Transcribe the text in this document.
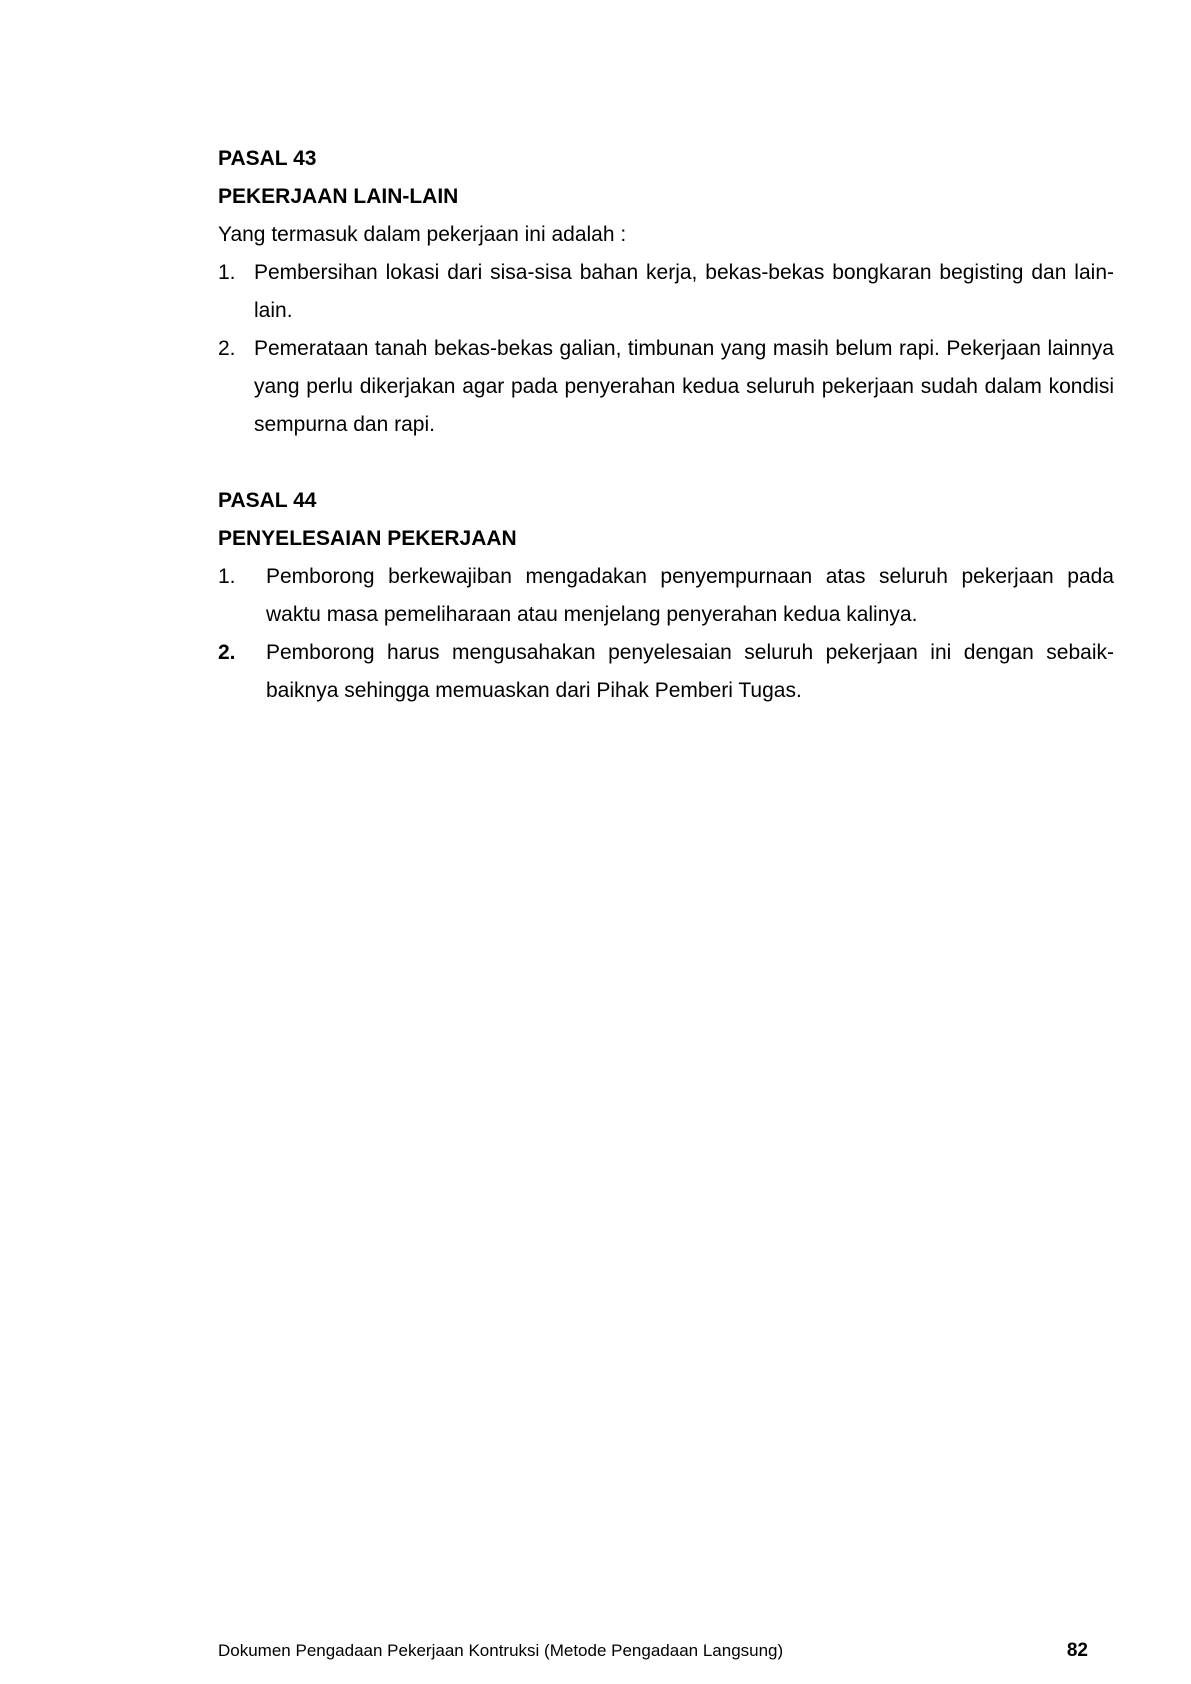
PASAL 43

PEKERJAAN LAIN-LAIN

Yang termasuk dalam pekerjaan ini adalah :

1. Pembersihan lokasi dari sisa-sisa bahan kerja, bekas-bekas bongkaran begisting dan lain-lain.
2. Pemerataan tanah bekas-bekas galian, timbunan yang masih belum rapi. Pekerjaan lainnya yang perlu dikerjakan agar pada penyerahan kedua seluruh pekerjaan sudah dalam kondisi sempurna dan rapi.

PASAL 44

PENYELESAIAN PEKERJAAN

1.	Pemborong berkewajiban mengadakan penyempurnaan atas seluruh pekerjaan pada waktu masa pemeliharaan atau menjelang penyerahan kedua kalinya.
2.	Pemborong harus mengusahakan penyelesaian seluruh pekerjaan ini dengan sebaik-baiknya sehingga memuaskan dari Pihak Pemberi Tugas.
Dokumen Pengadaan Pekerjaan Kontruksi (Metode Pengadaan Langsung)	82
